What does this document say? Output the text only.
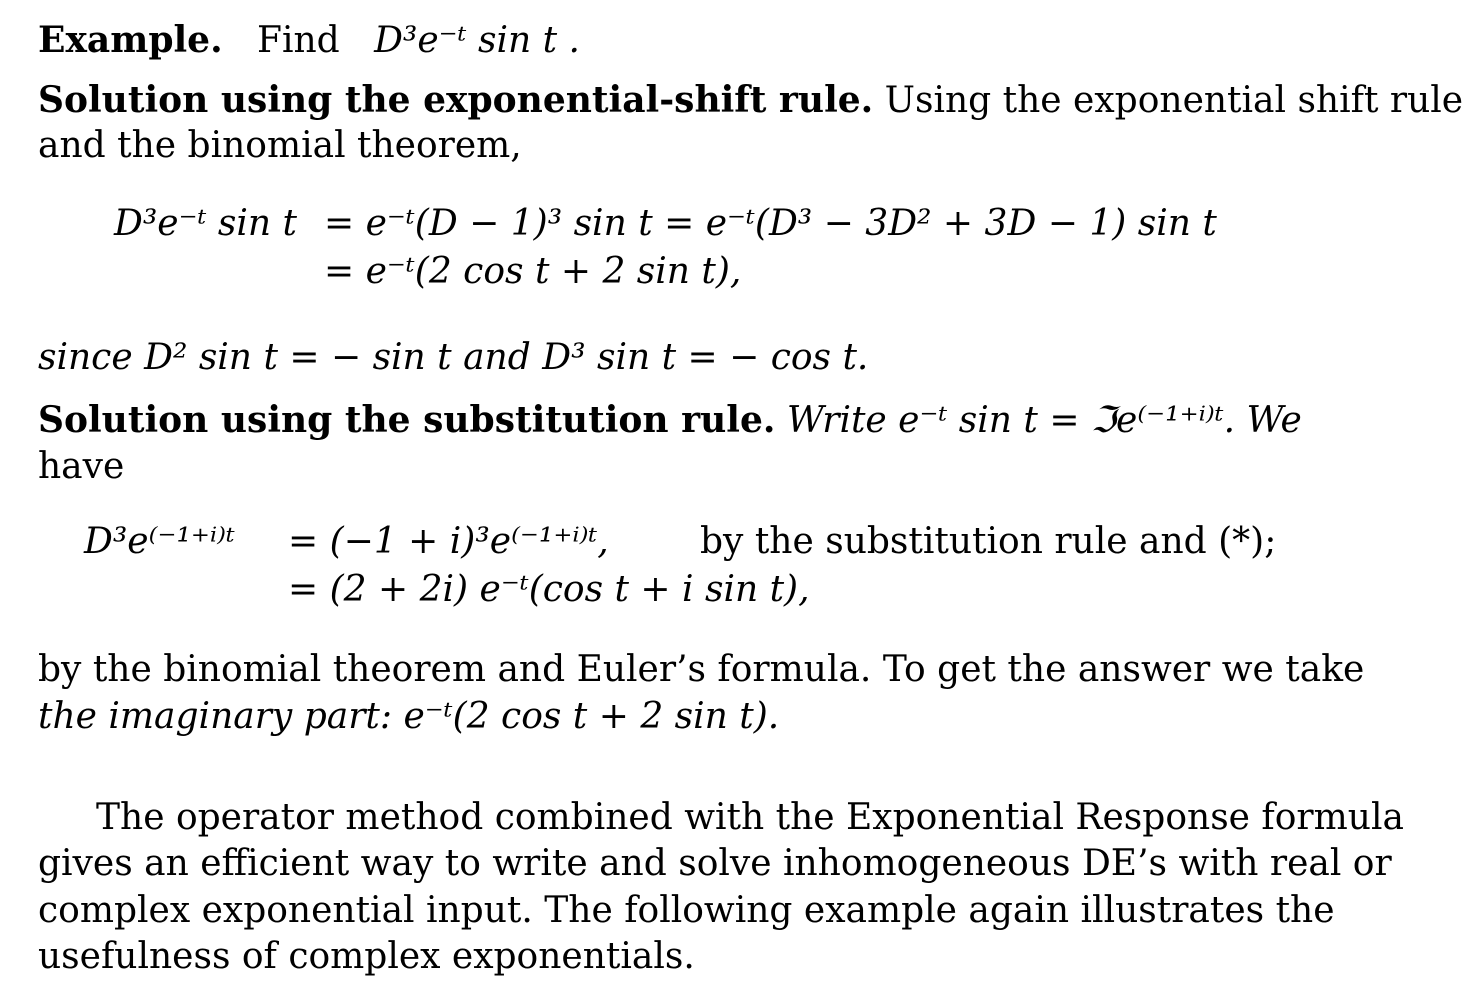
Example. Find D³e⁻ᵗ sin t .
Solution using the exponential-shift rule. Using the exponential shift rule
and the binomial theorem,
D³e⁻ᵗ sin t = e⁻ᵗ(D − 1)³ sin t = e⁻ᵗ(D³ − 3D² + 3D − 1) sin t
= e⁻ᵗ(2 cos t + 2 sin t),
since D² sin t = − sin t and D³ sin t = − cos t.
Solution using the substitution rule. Write e⁻ᵗ sin t = ℑe⁽⁻¹⁺ⁱ⁾ᵗ. We
have
D³e⁽⁻¹⁺ⁱ⁾ᵗ = (−1 + i)³e⁽⁻¹⁺ⁱ⁾ᵗ,	by the substitution rule and (*);
= (2 + 2i) e⁻ᵗ(cos t + i sin t),
by the binomial theorem and Euler’s formula. To get the answer we take
the imaginary part: e⁻ᵗ(2 cos t + 2 sin t).
The operator method combined with the Exponential Response formula
gives an efficient way to write and solve inhomogeneous DE’s with real or
complex exponential input. The following example again illustrates the
usefulness of complex exponentials.
